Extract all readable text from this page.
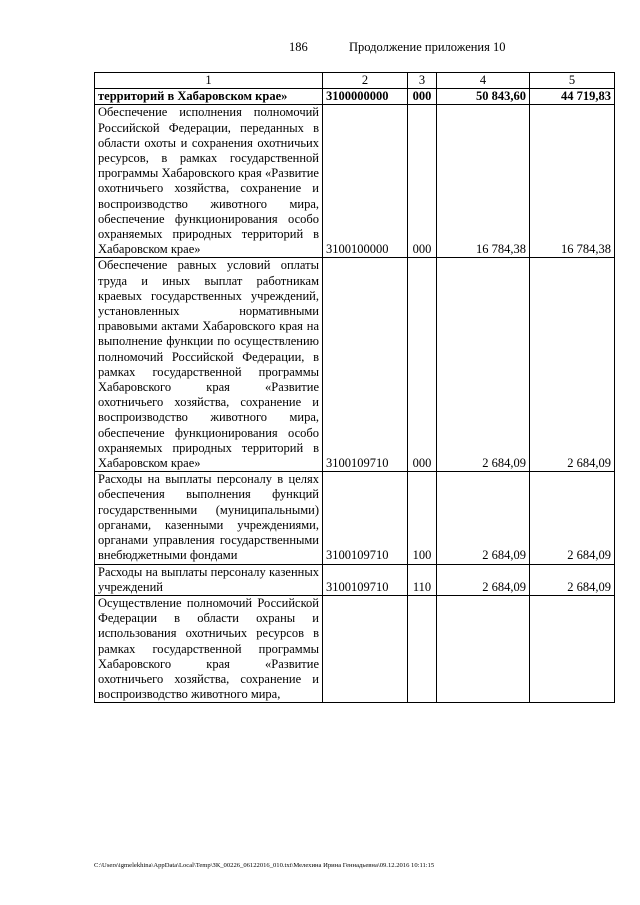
186	Продолжение приложения 10
1	2	3	4	5
территорий в Хабаровском крае»	3100000000	000	50 843,60	44 719,83
Обеспечение исполнения полномочий Российской Федерации, переданных в области охоты и сохранения охотничьих ресурсов, в рамках государственной программы Хабаровского края «Развитие охотничьего хозяйства, сохранение и воспроизводство животного мира, обеспечение функционирования особо охраняемых природных территорий в Хабаровском крае»	3100100000	000	16 784,38	16 784,38
Обеспечение равных условий оплаты труда и иных выплат работникам краевых государственных учреждений, установленных нормативными правовыми актами Хабаровского края на выполнение функции по осуществлению полномочий Российской Федерации, в рамках государственной программы Хабаровского края «Развитие охотничьего хозяйства, сохранение и воспроизводство животного мира, обеспечение функционирования особо охраняемых природных территорий в Хабаровском крае»	3100109710	000	2 684,09	2 684,09
Расходы на выплаты персоналу в целях обеспечения выполнения функций государственными (муниципальными) органами, казенными учреждениями, органами управления государственными внебюджетными фондами	3100109710	100	2 684,09	2 684,09
Расходы на выплаты персоналу казенных учреждений	3100109710	110	2 684,09	2 684,09
Осуществление полномочий Российской Федерации в области охраны и использования охотничьих ресурсов в рамках государственной программы Хабаровского края «Развитие охотничьего хозяйства, сохранение и воспроизводство животного мира,				
C:\Users\igmelekhina\AppData\Local\Temp\ЗК_00226_06122016_010.txt\Мелехина Ирина Геннадьевна\09.12.2016 10:11:15
